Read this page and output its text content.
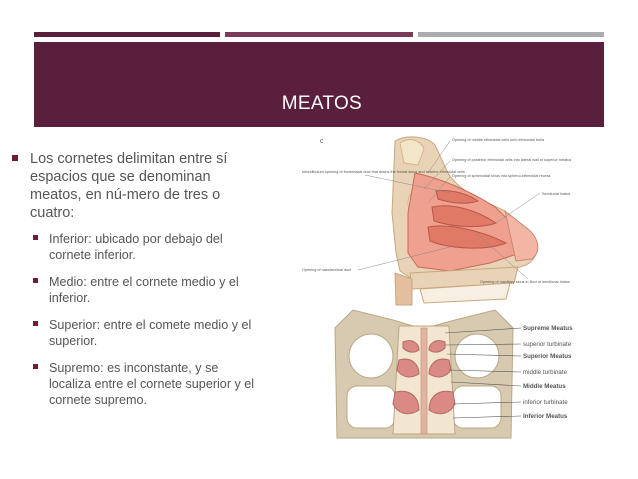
MEATOS
Los cornetes delimitan entre sí espacios que se denominan meatos, en nú-mero de tres o cuatro:
Inferior: ubicado por debajo del cornete inferior.
Medio: entre el cornete medio y el inferior.
Superior: entre el comete medio y el superior.
Supremo: es inconstante, y se localiza entre el cornete superior y el cornete supremo.
c	Opening of middle ethmoidal cells onto ethmoidal bulla
Opening of posterior ethmoidal cells into lateral wall of superior meatus
Opening of sphenoidal sinus into spheno-ethmoidal recess
Infundibulum opening of frontonasal duct that drains the frontal sinus and anterior ethmoidal cells
Semilunar hiatus
Opening of nasolacrimal duct
Opening of maxillary sinus in floor of semilunar hiatus
Supreme Meatus
superior turbinate
Superior Meatus
middle turbinate
Middle Meatus
inferior turbinate
Inferior Meatus
